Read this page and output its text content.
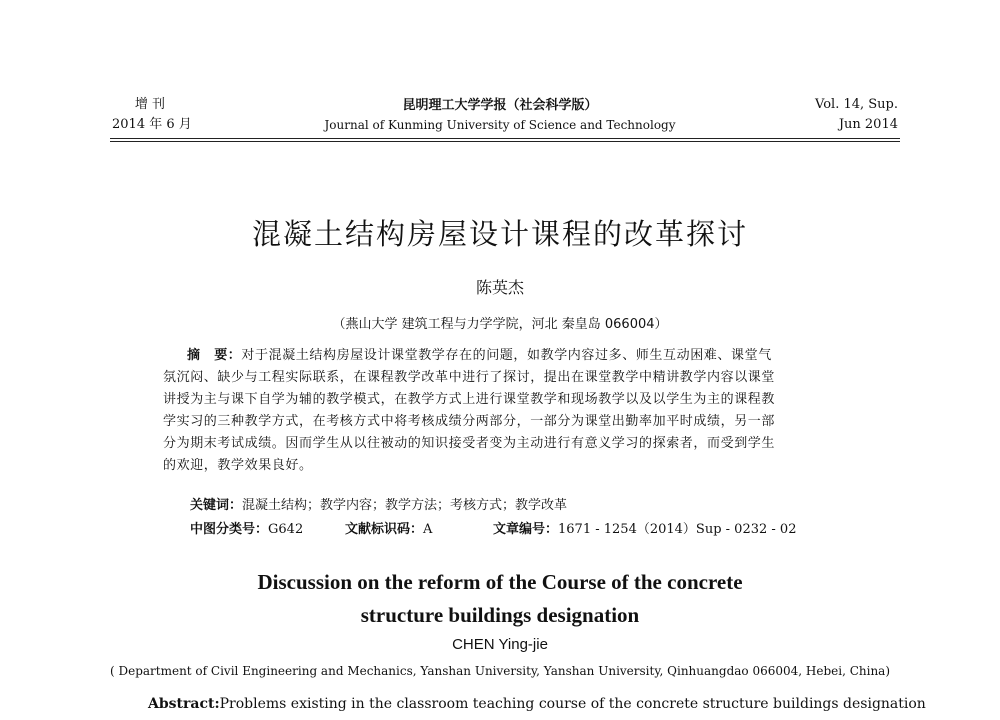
增 刊
2014 年 6 月
昆明理工大学学报（社会科学版）
Journal of Kunming University of Science and Technology
Vol. 14, Sup.
Jun 2014
混凝土结构房屋设计课程的改革探讨
陈英杰
（燕山大学 建筑工程与力学学院，河北 秦皇岛 066004）
摘　要：对于混凝土结构房屋设计课堂教学存在的问题，如教学内容过多、师生互动困难、课堂气
氛沉闷、缺少与工程实际联系，在课程教学改革中进行了探讨，提出在课堂教学中精讲教学内容以课堂
讲授为主与课下自学为辅的教学模式，在教学方式上进行课堂教学和现场教学以及以学生为主的课程教
学实习的三种教学方式，在考核方式中将考核成绩分两部分，一部分为课堂出勤率加平时成绩，另一部
分为期末考试成绩。因而学生从以往被动的知识接受者变为主动进行有意义学习的探索者，而受到学生
的欢迎，教学效果良好。
关键词：混凝土结构；教学内容；教学方法；考核方式；教学改革
中图分类号：G642	文献标识码：A	文章编号：1671 - 1254（2014）Sup - 0232 - 02
Discussion on the reform of the Course of the concrete
structure buildings designation
CHEN Ying-jie
( Department of Civil Engineering and Mechanics, Yanshan University, Yanshan University, Qinhuangdao 066004, Hebei, China)
Abstract:Problems existing in the classroom teaching course of the concrete structure buildings designation
